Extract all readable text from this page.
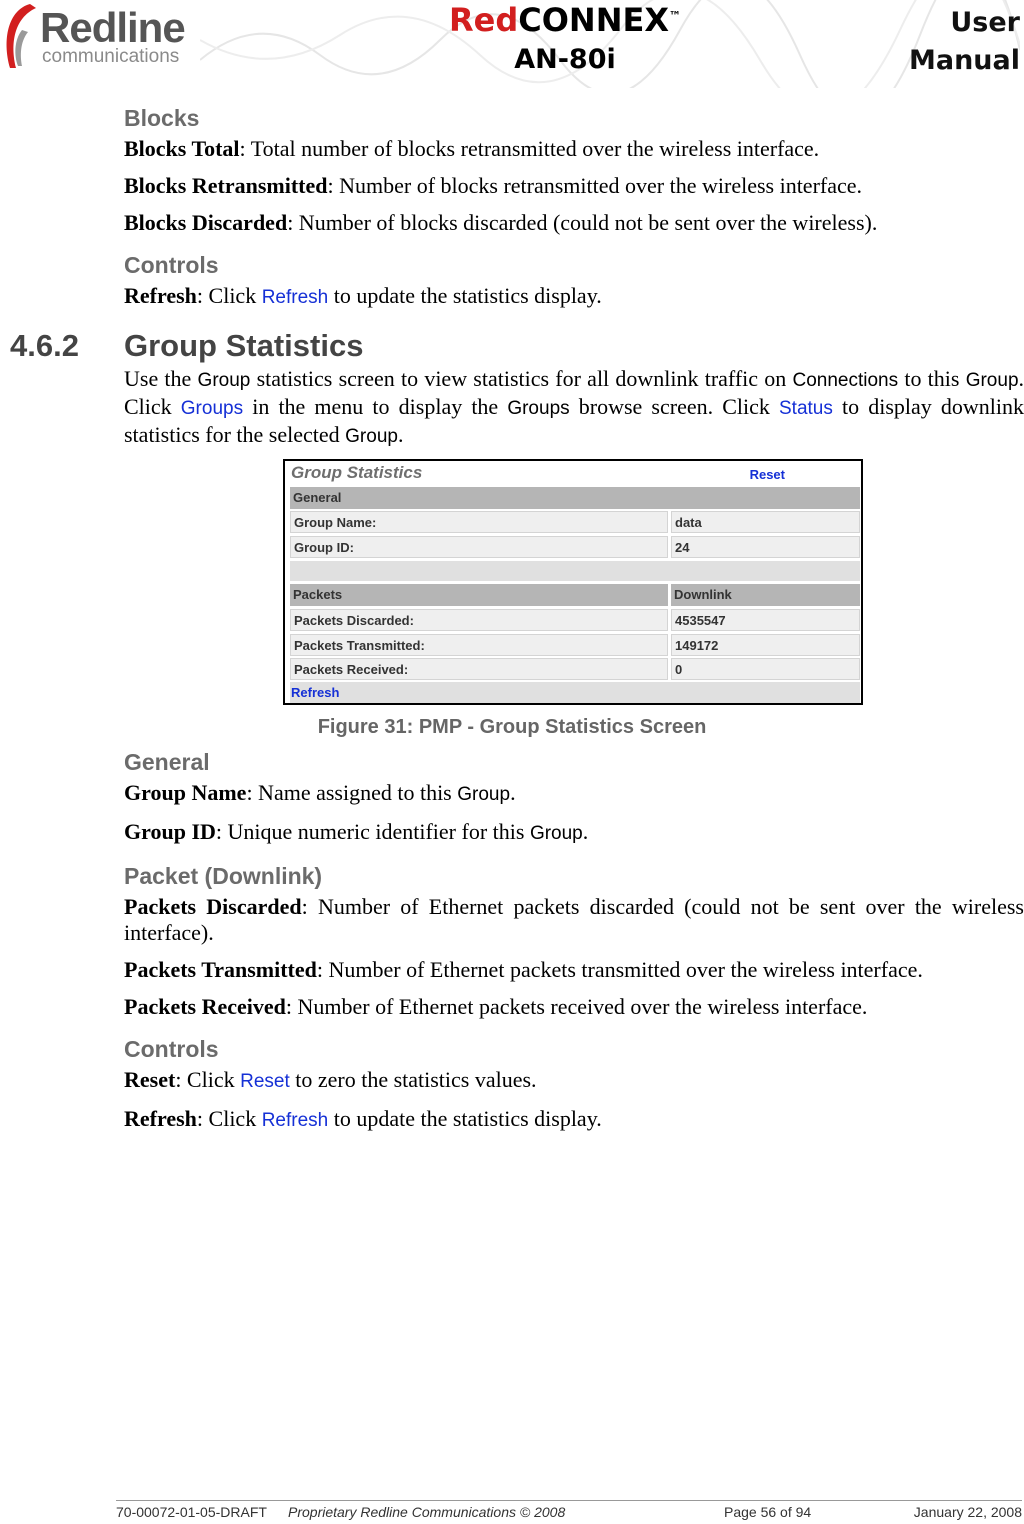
Redline
communications
RedCONNEX™
AN-80i
User
Manual
Blocks

Blocks Total: Total number of blocks retransmitted over the wireless interface.

Blocks Retransmitted: Number of blocks retransmitted over the wireless interface.

Blocks Discarded: Number of blocks discarded (could not be sent over the wireless).

Controls

Refresh: Click Refresh to update the statistics display.

4.6.2 Group Statistics

Use the Group statistics screen to view statistics for all downlink traffic on Connections to this Group. Click Groups in the menu to display the Groups browse screen. Click Status to display downlink statistics for the selected Group.

Group Statistics	Reset
General
Group Name:	data
Group ID:	24
Packets	Downlink
Packets Discarded:	4535547
Packets Transmitted:	149172
Packets Received:	0
Refresh
Figure 31: PMP - Group Statistics Screen
General

Group Name: Name assigned to this Group.

Group ID: Unique numeric identifier for this Group.

Packet (Downlink)

Packets Discarded: Number of Ethernet packets discarded (could not be sent over the wireless interface).

Packets Transmitted: Number of Ethernet packets transmitted over the wireless interface.

Packets Received: Number of Ethernet packets received over the wireless interface.

Controls

Reset: Click Reset to zero the statistics values.

Refresh: Click Refresh to update the statistics display.

70-00072-01-05-DRAFT Proprietary Redline Communications © 2008	Page 56 of 94	January 22, 2008
